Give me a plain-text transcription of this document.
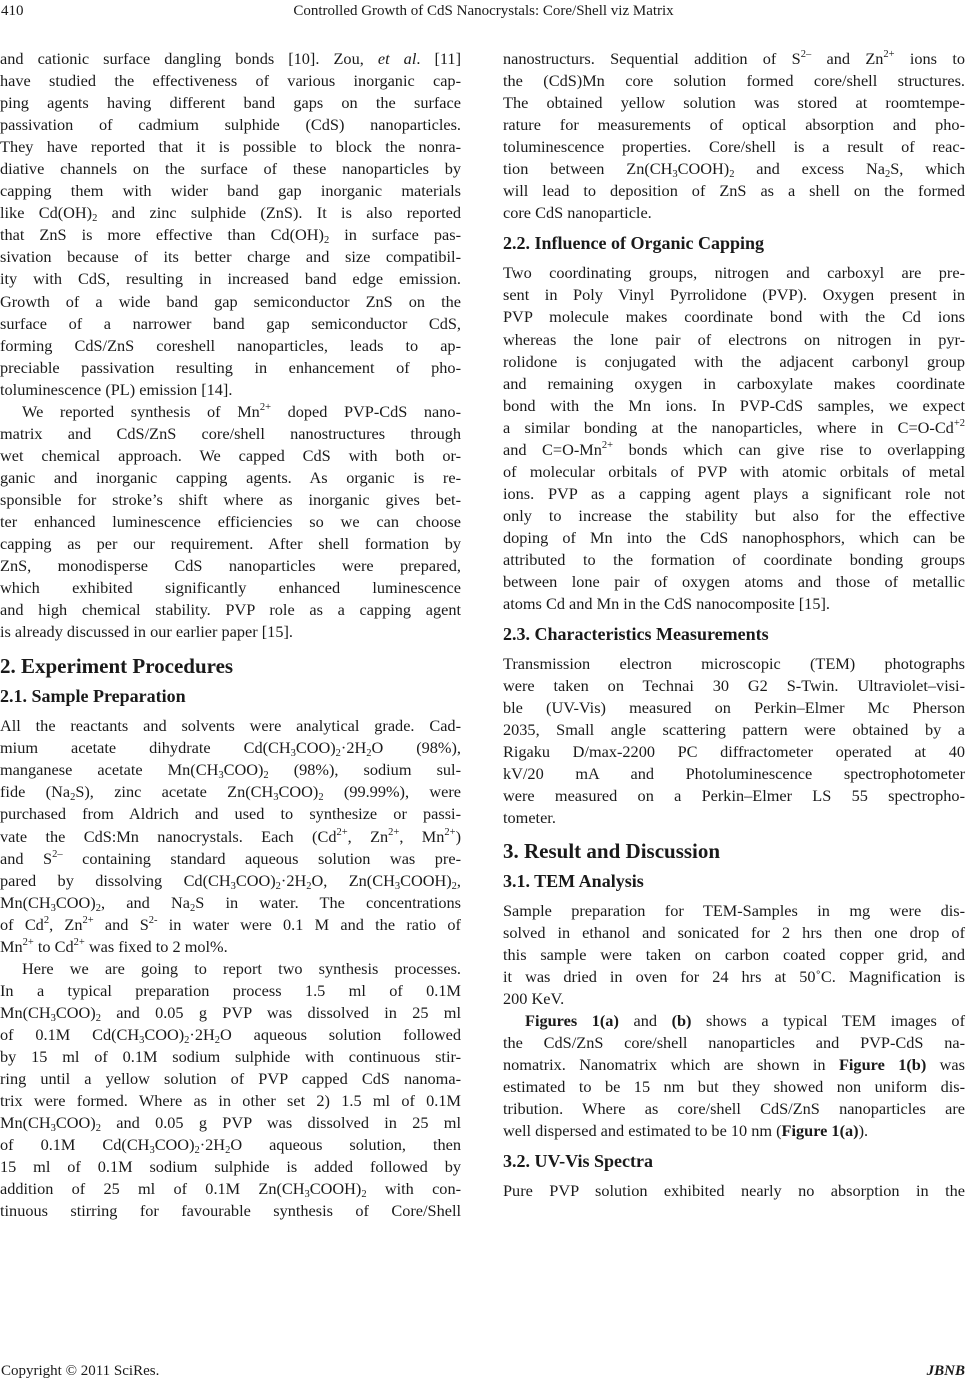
410	Controlled Growth of CdS Nanocrystals: Core/Shell viz Matrix
and cationic surface dangling bonds [10]. Zou, et al. [11]
have studied the effectiveness of various inorganic cap-
ping agents having different band gaps on the surface
passivation of cadmium sulphide (CdS) nanoparticles.
They have reported that it is possible to block the nonra-
diative channels on the surface of these nanoparticles by
capping them with wider band gap inorganic materials
like $Cd(OH)_2$ and zinc sulphide (ZnS). It is also reported
that ZnS is more effective than $Cd(OH)_2$ in surface pas-
sivation because of its better charge and size compatibil-
ity with CdS, resulting in increased band edge emission.
Growth of a wide band gap semiconductor ZnS on the
surface of a narrower band gap semiconductor CdS,
forming CdS/ZnS coreshell nanoparticles, leads to ap-
preciable passivation resulting in enhancement of pho-
toluminescence (PL) emission [14].
We reported synthesis of $Mn^{2+}$ doped PVP-CdS nano-
matrix and CdS/ZnS core/shell nanostructures through
wet chemical approach. We capped CdS with both or-
ganic and inorganic capping agents. As organic is re-
sponsible for stroke’s shift where as inorganic gives bet-
ter enhanced luminescence efficiencies so we can choose
capping as per our requirement. After shell formation by
ZnS, monodisperse CdS nanoparticles were prepared,
which exhibited significantly enhanced luminescence
and high chemical stability. PVP role as a capping agent
is already discussed in our earlier paper [15].
2. Experiment Procedures
2.1. Sample Preparation
All the reactants and solvents were analytical grade. Cad-
mium acetate dihydrate $Cd(CH_3COO)_2\cdot 2H_2O$ (98%),
manganese acetate $Mn(CH_3COO)_2$ (98%), sodium sul-
fide $(Na_2S)$, zinc acetate $Zn(CH_3COO)_2$ (99.99%), were
purchased from Aldrich and used to synthesize or passi-
vate the CdS:Mn nanocrystals. Each ($Cd^{2+}$, $Zn^{2+}$, $Mn^{2+}$)
and $S^{2-}$ containing standard aqueous solution was pre-
pared by dissolving $Cd(CH_3COO)_2\cdot 2H_2O$, $Zn(CH_3COOH)_2$,
$Mn(CH_3COO)_2$, and $Na_2S$ in water. The concentrations
of Cd$^2$, $Zn^{2+}$ and $S^{2-}$ in water were 0.1 M and the ratio of
$Mn^{2+}$ to $Cd^{2+}$ was fixed to 2 mol%.
Here we are going to report two synthesis processes.
In a typical preparation process 1.5 ml of 0.1M
$Mn(CH_3COO)_2$ and 0.05 g PVP was dissolved in 25 ml
of 0.1M $Cd(CH_3COO)_2\cdot 2H_2O$ aqueous solution followed
by 15 ml of 0.1M sodium sulphide with continuous stir-
ring until a yellow solution of PVP capped CdS nanoma-
trix were formed. Where as in other set 2) 1.5 ml of 0.1M
$Mn(CH_3COO)_2$ and 0.05 g PVP was dissolved in 25 ml
of 0.1M $Cd(CH_3COO)_2\cdot 2H_2O$ aqueous solution, then
15 ml of 0.1M sodium sulphide is added followed by
addition of 25 ml of 0.1M $Zn(CH_3COOH)_2$ with con-
tinuous stirring for favourable synthesis of Core/Shell
nanostructurs. Sequential addition of $S^{2-}$ and $Zn^{2+}$ ions to
the (CdS)Mn core solution formed core/shell structures.
The obtained yellow solution was stored at roomtempe-
rature for measurements of optical absorption and pho-
toluminescence properties. Core/shell is a result of reac-
tion between $Zn(CH_3COOH)_2$ and excess $Na_2S$, which
will lead to deposition of ZnS as a shell on the formed
core CdS nanoparticle.
2.2. Influence of Organic Capping
Two coordinating groups, nitrogen and carboxyl are pre-
sent in Poly Vinyl Pyrrolidone (PVP). Oxygen present in
PVP molecule makes coordinate bond with the Cd ions
whereas the lone pair of electrons on nitrogen in pyr-
rolidone is conjugated with the adjacent carbonyl group
and remaining oxygen in carboxylate makes coordinate
bond with the Mn ions. In PVP-CdS samples, we expect
a similar bonding at the nanoparticles, where in $C=O-Cd^{+2}$
and $C=O-Mn^{2+}$ bonds which can give rise to overlapping
of molecular orbitals of PVP with atomic orbitals of metal
ions. PVP as a capping agent plays a significant role not
only to increase the stability but also for the effective
doping of Mn into the CdS nanophosphors, which can be
attributed to the formation of coordinate bonding groups
between lone pair of oxygen atoms and those of metallic
atoms Cd and Mn in the CdS nanocomposite [15].
2.3. Characteristics Measurements
Transmission electron microscopic (TEM) photographs
were taken on Technai 30 G2 S-Twin. Ultraviolet–visi-
ble (UV-Vis) measured on Perkin–Elmer Mc Pherson
2035, Small angle scattering pattern were obtained by a
Rigaku D/max-2200 PC diffractometer operated at 40
kV/20 mA and Photoluminescence spectrophotometer
were measured on a Perkin–Elmer LS 55 spectropho-
tometer.
3. Result and Discussion
3.1. TEM Analysis
Sample preparation for TEM-Samples in mg were dis-
solved in ethanol and sonicated for 2 hrs then one drop of
this sample were taken on carbon coated copper grid, and
it was dried in oven for 24 hrs at 50˚C. Magnification is
200 KeV.
Figures 1(a) and (b) shows a typical TEM images of
the CdS/ZnS core/shell nanoparticles and PVP-CdS na-
nomatrix. Nanomatrix which are shown in Figure 1(b) was
estimated to be 15 nm but they showed non uniform dis-
tribution. Where as core/shell CdS/ZnS nanoparticles are
well dispersed and estimated to be 10 nm (Figure 1(a)).
3.2. UV-Vis Spectra
Pure PVP solution exhibited nearly no absorption in the
Copyright © 2011 SciRes.	JBNB
